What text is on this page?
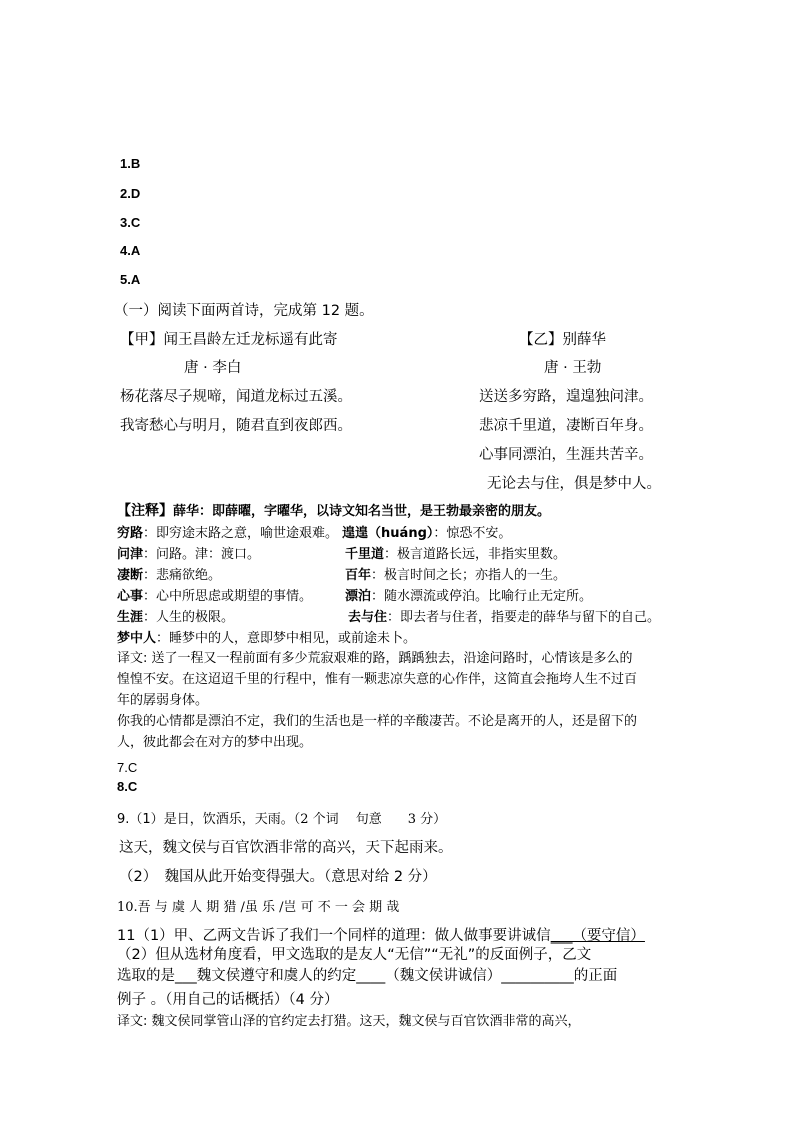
1.B
2.D
3.C
4.A
5.A
（一）阅读下面两首诗，完成第 12 题。
【甲】闻王昌龄左迁龙标遥有此寄
唐 · 李白
杨花落尽子规啼，闻道龙标过五溪。
我寄愁心与明月，随君直到夜郎西。
【乙】别薛华
唐 · 王勃
送送多穷路，遑遑独问津。
悲凉千里道，凄断百年身。
心事同漂泊，生涯共苦辛。
无论去与住，俱是梦中人。
【注释】薛华：即薛曜，字曜华，以诗文知名当世，是王勃最亲密的朋友。
穷路：即穷途末路之意，喻世途艰难。 遑遑（huáng）：惊恐不安。
问津：问路。津：渡口。	千里道：极言道路长远，非指实里数。
凄断：悲痛欲绝。	百年：极言时间之长；亦指人的一生。
心事：心中所思虑或期望的事情。	漂泊：随水漂流或停泊。比喻行止无定所。
生涯：人生的极限。	去与住：即去者与住者，指要走的薛华与留下的自己。
梦中人：睡梦中的人，意即梦中相见，或前途未卜。
译文: 送了一程又一程前面有多少荒寂艰难的路，踽踽独去，沿途问路时，心情该是多么的
惶惶不安。在这迢迢千里的行程中，惟有一颗悲凉失意的心作伴，这简直会拖垮人生不过百
年的孱弱身体。
你我的心情都是漂泊不定，我们的生活也是一样的辛酸凄苦。不论是离开的人，还是留下的
人，彼此都会在对方的梦中出现。
7.C
8.C
9.（1）是日，饮酒乐，天雨。（2 个词　 句意　　3 分）
这天，魏文侯与百官饮酒非常的高兴，天下起雨来。
（2）　魏国从此开始变得强大。（意思对给 2 分）
10.吾 与 虞 人 期 猎 /虽 乐 /岂 可 不 一 会 期 哉
11（1）甲、乙两文告诉了我们一个同样的道理：做人做事要讲诚信___（要守信）
（2）但从选材角度看，甲文选取的是友人“无信”“无礼”的反面例子，乙文
选取的是___魏文侯遵守和虞人的约定____（魏文侯讲诚信）__________的正面
例子 。（用自己的话概括）（4 分）
译文: 魏文侯同掌管山泽的官约定去打猎。这天，魏文侯与百官饮酒非常的高兴，
